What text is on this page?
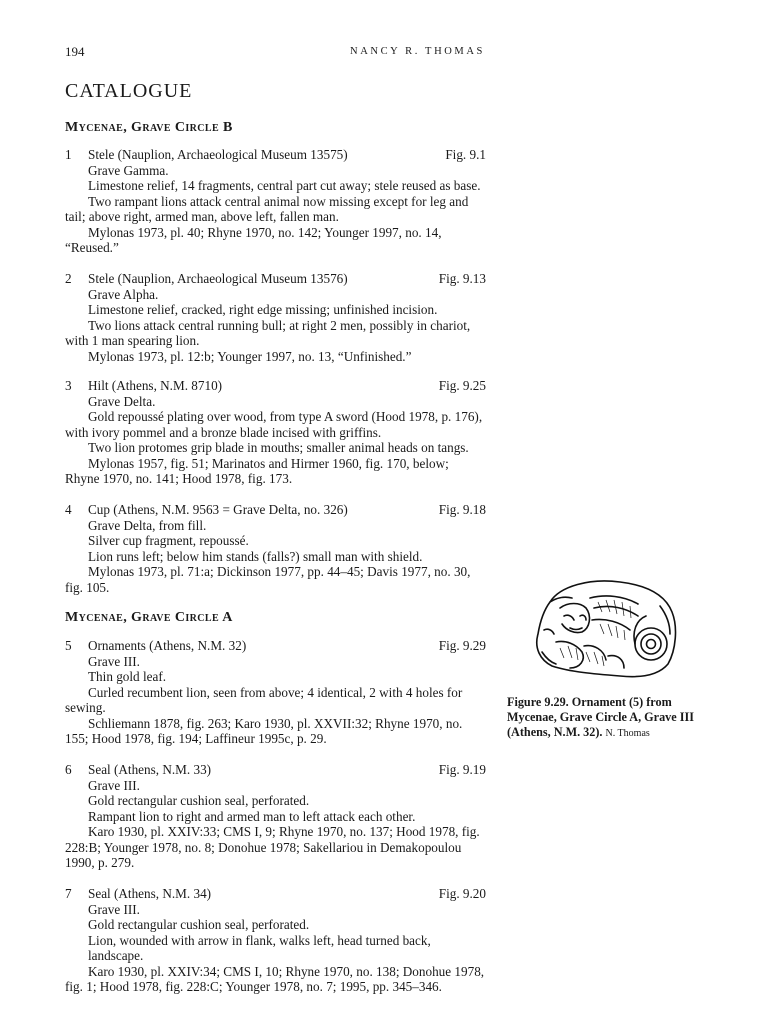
194	NANCY R. THOMAS
CATALOGUE
Mycenae, Grave Circle B
1 Stele (Nauplion, Archaeological Museum 13575)	Fig. 9.1
Grave Gamma.
Limestone relief, 14 fragments, central part cut away; stele reused as base.
Two rampant lions attack central animal now missing except for leg and tail; above right, armed man, above left, fallen man.
Mylonas 1973, pl. 40; Rhyne 1970, no. 142; Younger 1997, no. 14, “Reused.”
2 Stele (Nauplion, Archaeological Museum 13576)	Fig. 9.13
Grave Alpha.
Limestone relief, cracked, right edge missing; unfinished incision.
Two lions attack central running bull; at right 2 men, possibly in chariot, with 1 man spearing lion.
Mylonas 1973, pl. 12:b; Younger 1997, no. 13, “Unfinished.”
3 Hilt (Athens, N.M. 8710)	Fig. 9.25
Grave Delta.
Gold repoussé plating over wood, from type A sword (Hood 1978, p. 176), with ivory pommel and a bronze blade incised with griffins.
Two lion protomes grip blade in mouths; smaller animal heads on tangs.
Mylonas 1957, fig. 51; Marinatos and Hirmer 1960, fig. 170, below; Rhyne 1970, no. 141; Hood 1978, fig. 173.
4 Cup (Athens, N.M. 9563 = Grave Delta, no. 326)	Fig. 9.18
Grave Delta, from fill.
Silver cup fragment, repoussé.
Lion runs left; below him stands (falls?) small man with shield.
Mylonas 1973, pl. 71:a; Dickinson 1977, pp. 44–45; Davis 1977, no. 30, fig. 105.
Mycenae, Grave Circle A
5 Ornaments (Athens, N.M. 32)	Fig. 9.29
Grave III.
Thin gold leaf.
Curled recumbent lion, seen from above; 4 identical, 2 with 4 holes for sewing.
Schliemann 1878, fig. 263; Karo 1930, pl. XXVII:32; Rhyne 1970, no. 155; Hood 1978, fig. 194; Laffineur 1995c, p. 29.
6 Seal (Athens, N.M. 33)	Fig. 9.19
Grave III.
Gold rectangular cushion seal, perforated.
Rampant lion to right and armed man to left attack each other.
Karo 1930, pl. XXIV:33; CMS I, 9; Rhyne 1970, no. 137; Hood 1978, fig. 228:B; Younger 1978, no. 8; Donohue 1978; Sakellariou in Demakopoulou 1990, p. 279.
7 Seal (Athens, N.M. 34)	Fig. 9.20
Grave III.
Gold rectangular cushion seal, perforated.
Lion, wounded with arrow in flank, walks left, head turned back, landscape.
Karo 1930, pl. XXIV:34; CMS I, 10; Rhyne 1970, no. 138; Donohue 1978, fig. 1; Hood 1978, fig. 228:C; Younger 1978, no. 7; 1995, pp. 345–346.
Figure 9.29. Ornament (5) from Mycenae, Grave Circle A, Grave III (Athens, N.M. 32). N. Thomas
